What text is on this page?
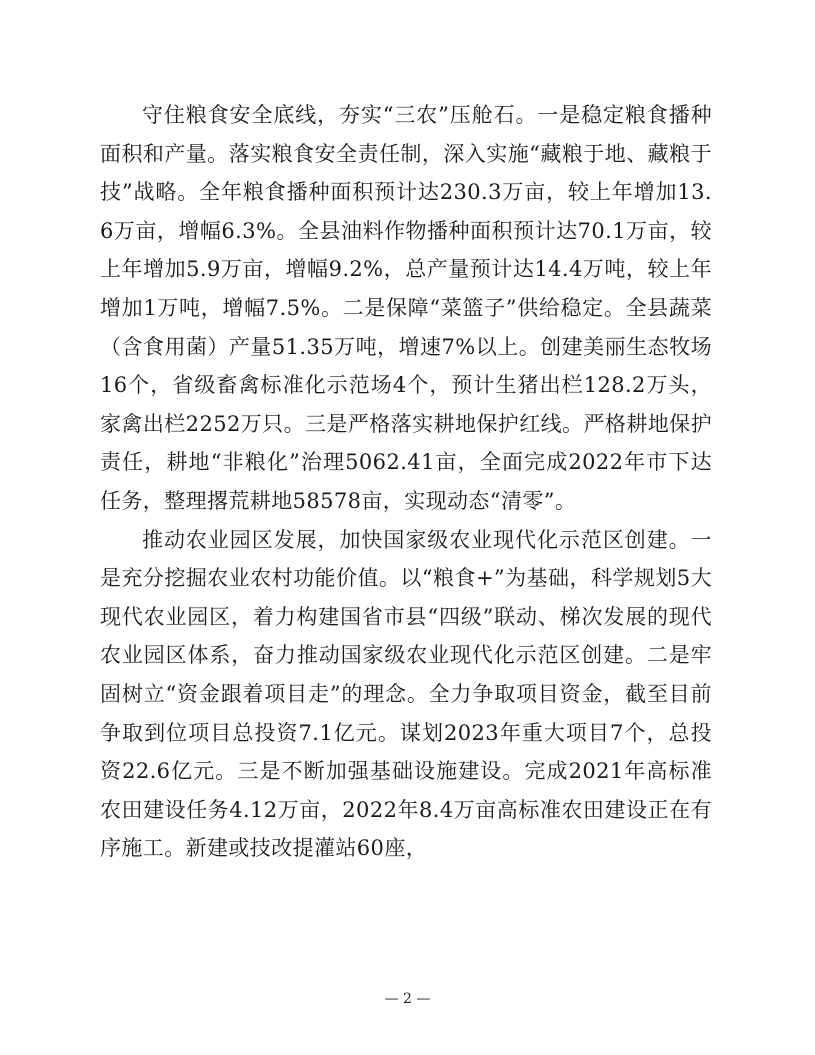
守住粮食安全底线，夯实“三农”压舱石。一是稳定粮食播种面积和产量。落实粮食安全责任制，深入实施“藏粮于地、藏粮于技”战略。全年粮食播种面积预计达230.3万亩，较上年增加13.6万亩，增幅6.3%。全县油料作物播种面积预计达70.1万亩，较上年增加5.9万亩，增幅9.2%，总产量预计达14.4万吨，较上年增加1万吨，增幅7.5%。二是保障“菜篮子”供给稳定。全县蔬菜（含食用菌）产量51.35万吨，增速7%以上。创建美丽生态牧场16个，省级畜禽标准化示范场4个，预计生猪出栏128.2万头，家禽出栏2252万只。三是严格落实耕地保护红线。严格耕地保护责任，耕地“非粮化”治理5062.41亩，全面完成2022年市下达任务，整理撂荒耕地58578亩，实现动态“清零”。

推动农业园区发展，加快国家级农业现代化示范区创建。一是充分挖掘农业农村功能价值。以“粮食+”为基础，科学规划5大现代农业园区，着力构建国省市县“四级”联动、梯次发展的现代农业园区体系，奋力推动国家级农业现代化示范区创建。二是牢固树立“资金跟着项目走”的理念。全力争取项目资金，截至目前争取到位项目总投资7.1亿元。谋划2023年重大项目7个，总投资22.6亿元。三是不断加强基础设施建设。完成2021年高标准农田建设任务4.12万亩，2022年8.4万亩高标准农田建设正在有序施工。新建或技改提灌站60座，

— 2 —
